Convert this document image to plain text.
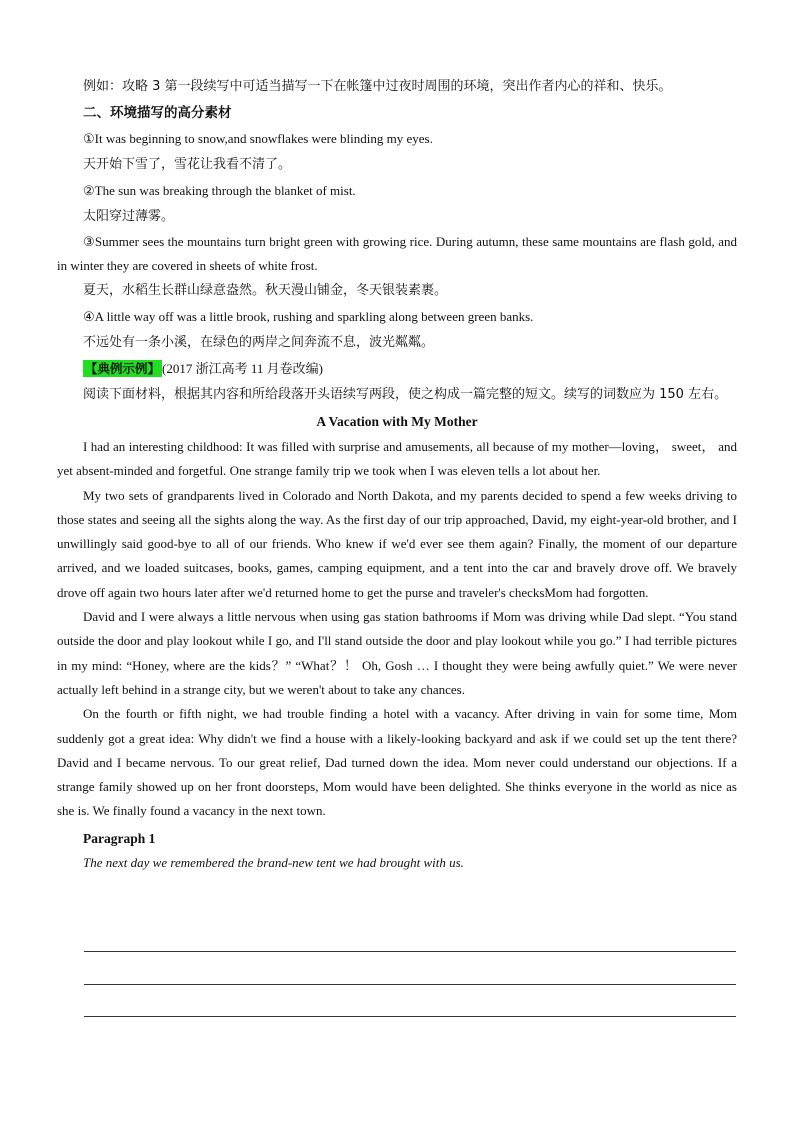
例如：攻略 3 第一段续写中可适当描写一下在帐篷中过夜时周围的环境，突出作者内心的祥和、快乐。
二、环境描写的高分素材
①It was beginning to snow,and snowflakes were blinding my eyes.
天开始下雪了，雪花让我看不清了。
②The sun was breaking through the blanket of mist.
太阳穿过薄雾。

③Summer sees the mountains turn bright green with growing rice. During autumn, these same mountains are flash gold, and in winter they are covered in sheets of white frost.

夏天，水稻生长群山绿意盎然。秋天漫山铺金，冬天银装素裹。
④A little way off was a little brook, rushing and sparkling along between green banks.
不远处有一条小溪，在绿色的两岸之间奔流不息，波光粼粼。
【典例示例】 (2017 浙江高考 11 月卷改编)

阅读下面材料，根据其内容和所给段落开头语续写两段，使之构成一篇完整的短文。续写的词数应为 150 左右。

A Vacation with My Mother

I had an interesting childhood: It was filled with surprise and amusements, all because of my mother—loving， sweet， and yet absent-minded and forgetful. One strange family trip we took when I was eleven tells a lot about her.

My two sets of grandparents lived in Colorado and North Dakota, and my parents decided to spend a few weeks driving to those states and seeing all the sights along the way. As the first day of our trip approached, David, my eight-year-old brother, and I unwillingly said good-bye to all of our friends. Who knew if we'd ever see them again? Finally, the moment of our departure arrived, and we loaded suitcases, books, games, camping equipment, and a tent into the car and bravely drove off. We bravely drove off again two hours later after we'd returned home to get the purse and traveler's checksMom had forgotten.

David and I were always a little nervous when using gas station bathrooms if Mom was driving while Dad slept. “You stand outside the door and play lookout while I go, and I'll stand outside the door and play lookout while you go.” I had terrible pictures in my mind: “Honey, where are the kids？” “What？！ Oh, Gosh … I thought they were being awfully quiet.” We were never actually left behind in a strange city, but we weren't about to take any chances.

On the fourth or fifth night, we had trouble finding a hotel with a vacancy. After driving in vain for some time, Mom suddenly got a great idea: Why didn't we find a house with a likely-looking backyard and ask if we could set up the tent there? David and I became nervous. To our great relief, Dad turned down the idea. Mom never could understand our objections. If a strange family showed up on her front doorsteps, Mom would have been delighted. She thinks everyone in the world as nice as she is. We finally found a vacancy in the next town.

Paragraph 1
The next day we remembered the brand-new tent we had brought with us.
